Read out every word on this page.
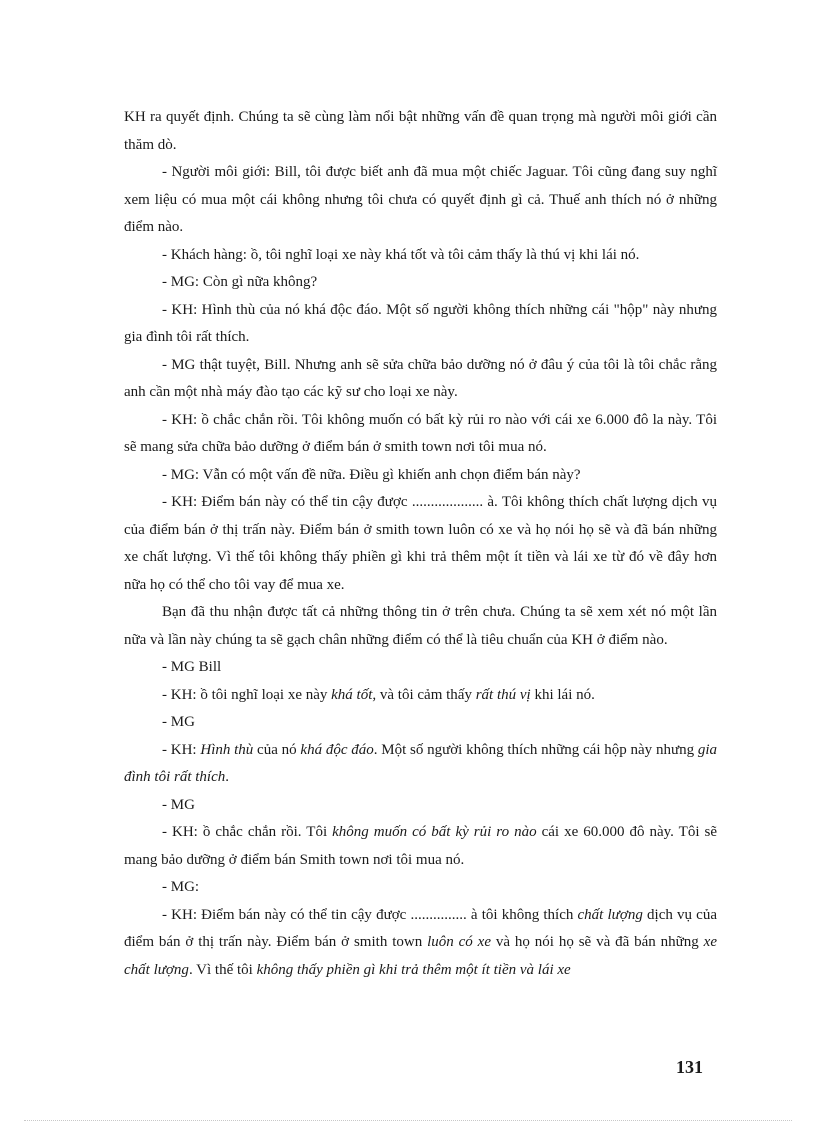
KH ra quyết định. Chúng ta sẽ cùng làm nổi bật những vấn đề quan trọng mà người môi giới cần thăm dò.

- Người môi giới: Bill, tôi được biết anh đã mua một chiếc Jaguar. Tôi cũng đang suy nghĩ xem liệu có mua một cái không nhưng tôi chưa có quyết định gì cả. Thuế anh thích nó ở những điểm nào.

- Khách hàng: ồ, tôi nghĩ loại xe này khá tốt và tôi cảm thấy là thú vị khi lái nó.

- MG: Còn gì nữa không?

- KH: Hình thù của nó khá độc đáo. Một số người không thích những cái "hộp" này nhưng gia đình tôi rất thích.

- MG thật tuyệt, Bill. Nhưng anh sẽ sửa chữa bảo dưỡng nó ở đâu ý của tôi là tôi chắc rằng anh cần một nhà máy đào tạo các kỹ sư cho loại xe này.

- KH: ồ chắc chắn rồi. Tôi không muốn có bất kỳ rủi ro nào với cái xe 6.000 đô la này. Tôi sẽ mang sửa chữa bảo dưỡng ở điểm bán ở smith town nơi tôi mua nó.

- MG: Vẫn có một vấn đề nữa. Điều gì khiến anh chọn điểm bán này?

- KH: Điểm bán này có thể tin cậy được ................... à. Tôi không thích chất lượng dịch vụ của điểm bán ở thị trấn này. Điểm bán ở smith town luôn có xe và họ nói họ sẽ và đã bán những xe chất lượng. Vì thế tôi không thấy phiền gì khi trả thêm một ít tiền và lái xe từ đó về đây hơn nữa họ có thể cho tôi vay để mua xe.

Bạn đã thu nhận được tất cả những thông tin ở trên chưa. Chúng ta sẽ xem xét nó một lần nữa và lần này chúng ta sẽ gạch chân những điểm có thể là tiêu chuẩn của KH ở điểm nào.

- MG Bill

- KH: ồ tôi nghĩ loại xe này khá tốt, và tôi cảm thấy rất thú vị khi lái nó.

- MG

- KH: Hình thù của nó khá độc đáo. Một số người không thích những cái hộp này nhưng gia đình tôi rất thích.

- MG

- KH: ồ chắc chắn rồi. Tôi không muốn có bất kỳ rủi ro nào cái xe 60.000 đô này. Tôi sẽ mang bảo dưỡng ở điểm bán Smith town nơi tôi mua nó.

- MG:

- KH: Điểm bán này có thể tin cậy được ............... à tôi không thích chất lượng dịch vụ của điểm bán ở thị trấn này. Điểm bán ở smith town luôn có xe và họ nói họ sẽ và đã bán những xe chất lượng. Vì thế tôi không thấy phiền gì khi trả thêm một ít tiền và lái xe

131
